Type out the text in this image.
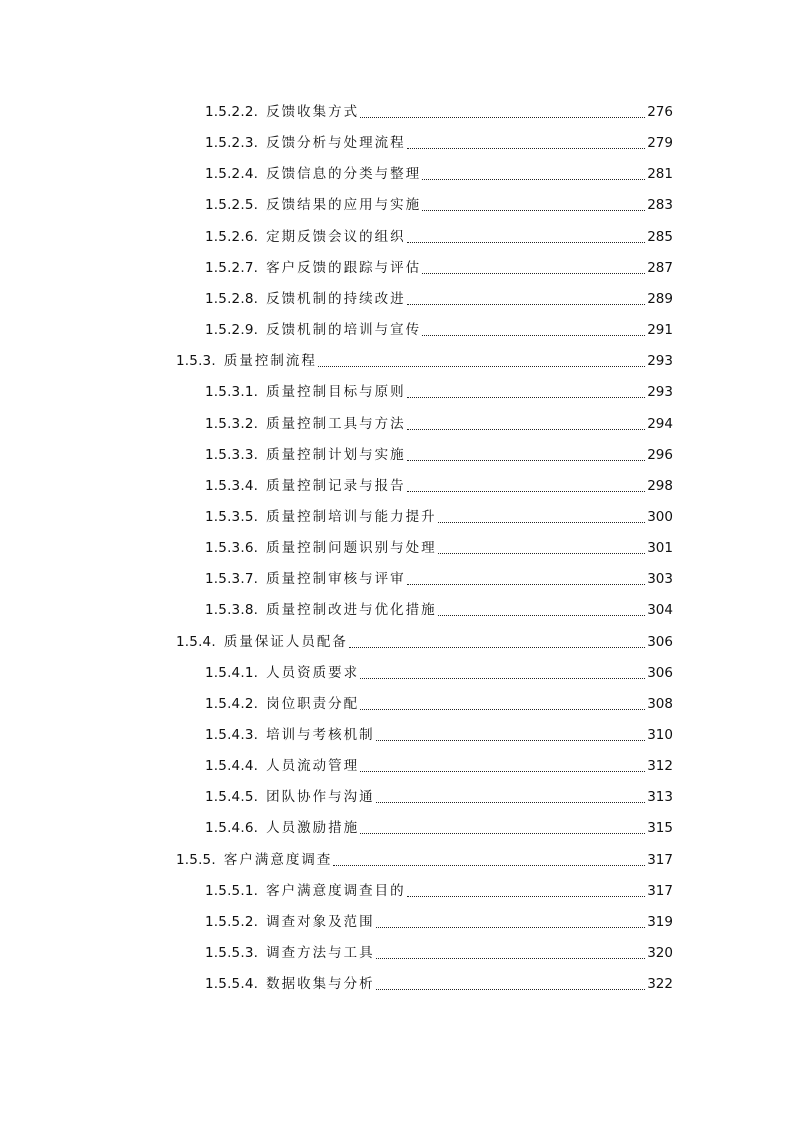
1.5.2.2. 反馈收集方式	276
1.5.2.3. 反馈分析与处理流程	279
1.5.2.4. 反馈信息的分类与整理	281
1.5.2.5. 反馈结果的应用与实施	283
1.5.2.6. 定期反馈会议的组织	285
1.5.2.7. 客户反馈的跟踪与评估	287
1.5.2.8. 反馈机制的持续改进	289
1.5.2.9. 反馈机制的培训与宣传	291
1.5.3. 质量控制流程	293
1.5.3.1. 质量控制目标与原则	293
1.5.3.2. 质量控制工具与方法	294
1.5.3.3. 质量控制计划与实施	296
1.5.3.4. 质量控制记录与报告	298
1.5.3.5. 质量控制培训与能力提升	300
1.5.3.6. 质量控制问题识别与处理	301
1.5.3.7. 质量控制审核与评审	303
1.5.3.8. 质量控制改进与优化措施	304
1.5.4. 质量保证人员配备	306
1.5.4.1. 人员资质要求	306
1.5.4.2. 岗位职责分配	308
1.5.4.3. 培训与考核机制	310
1.5.4.4. 人员流动管理	312
1.5.4.5. 团队协作与沟通	313
1.5.4.6. 人员激励措施	315
1.5.5. 客户满意度调查	317
1.5.5.1. 客户满意度调查目的	317
1.5.5.2. 调查对象及范围	319
1.5.5.3. 调查方法与工具	320
1.5.5.4. 数据收集与分析	322
